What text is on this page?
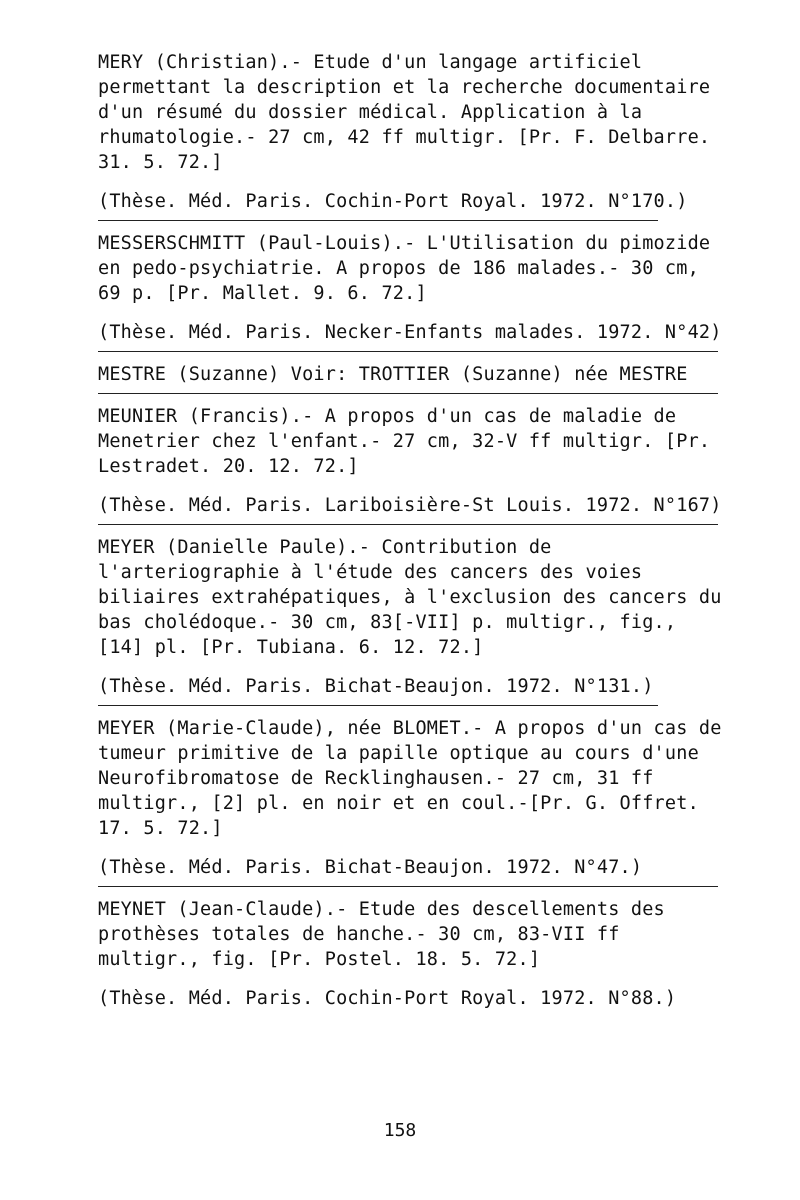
MERY (Christian).- Etude d'un langage artificiel permettant la description et la recherche documentaire d'un résumé du dossier médical. Application à la rhumatologie.- 27 cm, 42 ff multigr. [Pr. F. Delbarre. 31. 5. 72.]

(Thèse. Méd. Paris. Cochin-Port Royal. 1972. N°170.)

MESSERSCHMITT (Paul-Louis).- L'Utilisation du pimozide en pedo-psychiatrie. A propos de 186 malades.- 30 cm, 69 p. [Pr. Mallet. 9. 6. 72.]

(Thèse. Méd. Paris. Necker-Enfants malades. 1972. N°42)

MESTRE (Suzanne) Voir: TROTTIER (Suzanne) née MESTRE

MEUNIER (Francis).- A propos d'un cas de maladie de Menetrier chez l'enfant.- 27 cm, 32-V ff multigr. [Pr. Lestradet. 20. 12. 72.]

(Thèse. Méd. Paris. Lariboisière-St Louis. 1972. N°167)

MEYER (Danielle Paule).- Contribution de l'arteriographie à l'étude des cancers des voies biliaires extrahépatiques, à l'exclusion des cancers du bas cholédoque.- 30 cm, 83[-VII] p. multigr., fig., [14] pl. [Pr. Tubiana. 6. 12. 72.]

(Thèse. Méd. Paris. Bichat-Beaujon. 1972. N°131.)

MEYER (Marie-Claude), née BLOMET.- A propos d'un cas de tumeur primitive de la papille optique au cours d'une Neurofibromatose de Recklinghausen.- 27 cm, 31 ff multigr., [2] pl. en noir et en coul.-[Pr. G. Offret. 17. 5. 72.]

(Thèse. Méd. Paris. Bichat-Beaujon. 1972. N°47.)

MEYNET (Jean-Claude).- Etude des descellements des prothèses totales de hanche.- 30 cm, 83-VII ff multigr., fig. [Pr. Postel. 18. 5. 72.]

(Thèse. Méd. Paris. Cochin-Port Royal. 1972. N°88.)

158
